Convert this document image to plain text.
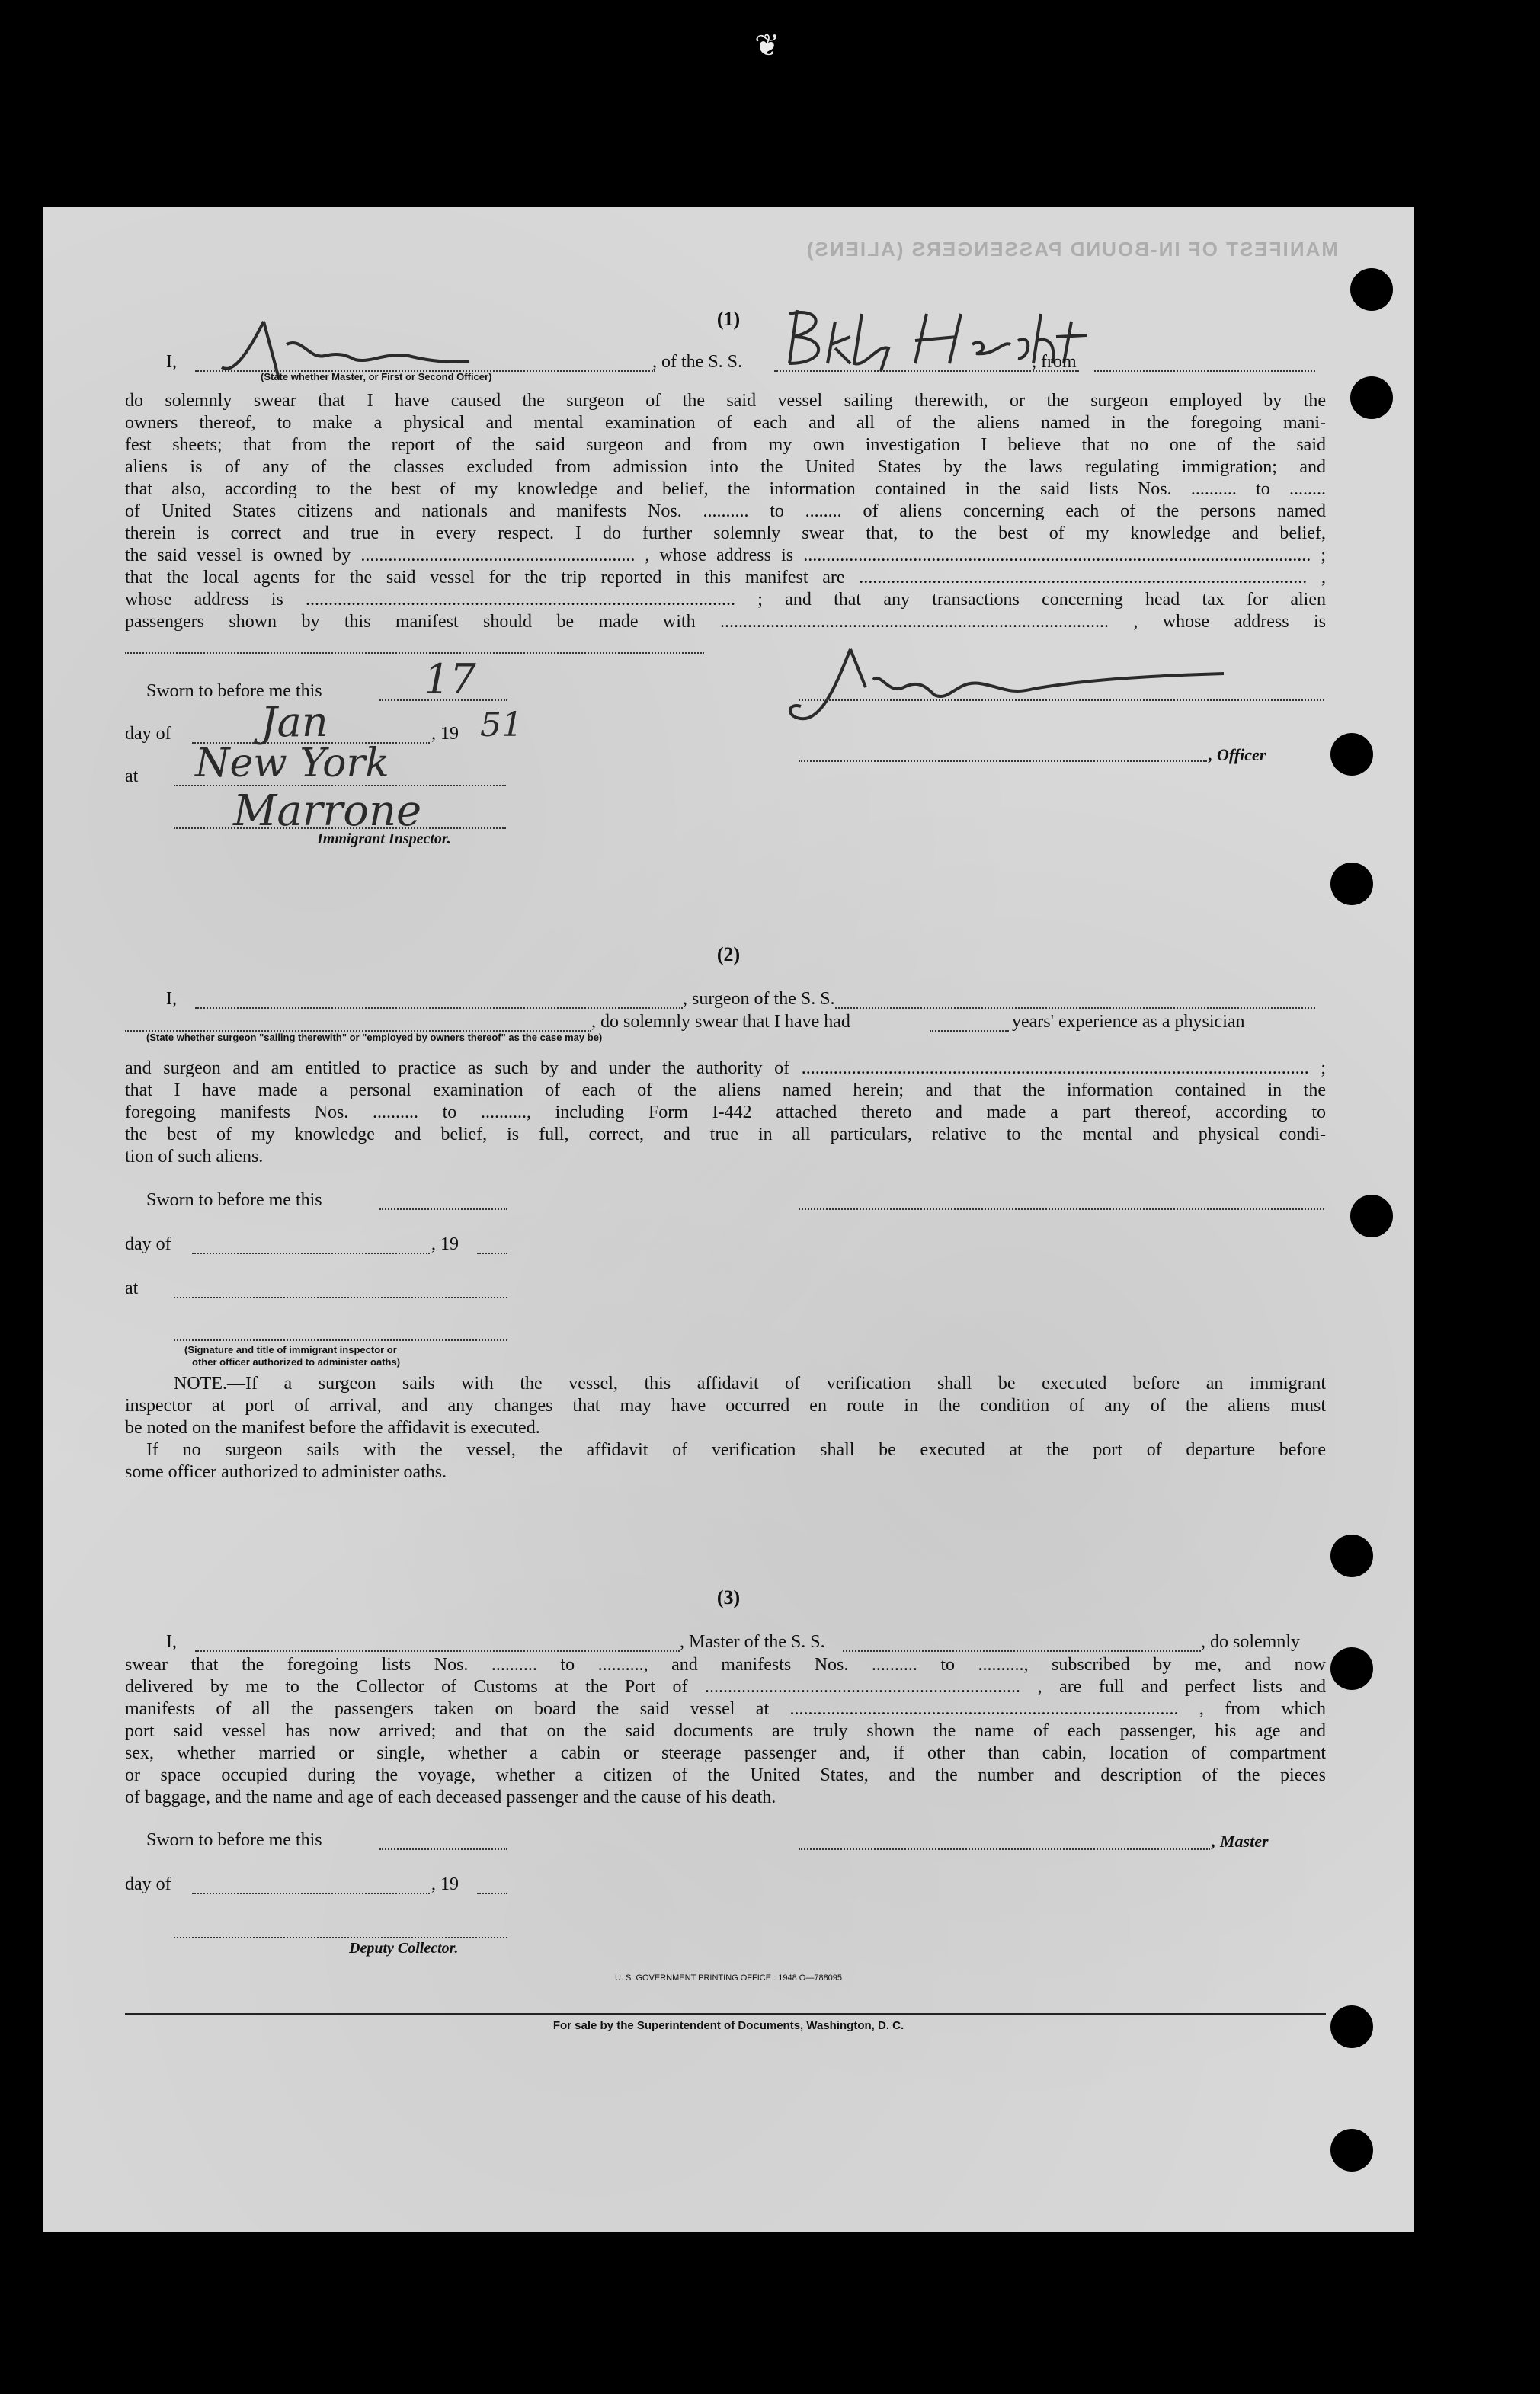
❦
MANIFEST OF IN-BOUND PASSENGERS (ALIENS)
(1)
I,
(State whether Master, or First or Second Officer)
, of the S. S.	, from
do solemnly swear that I have caused the surgeon of the said vessel sailing therewith, or the surgeon employed by the
owners thereof, to make a physical and mental examination of each and all of the aliens named in the foregoing mani-
fest sheets; that from the report of the said surgeon and from my own investigation I believe that no one of the said
aliens is of any of the classes excluded from admission into the United States by the laws regulating immigration; and
that also, according to the best of my knowledge and belief, the information contained in the said lists Nos. .......... to ........
of United States citizens and nationals and manifests Nos. .......... to ........ of aliens concerning each of the persons named
therein is correct and true in every respect. I do further solemnly swear that, to the best of my knowledge and belief,
the said vessel is owned by ............................................................ , whose address is ............................................................................................................... ;
that the local agents for the said vessel for the trip reported in this manifest are .................................................................................................. ,
whose address is .............................................................................................. ; and that any transactions concerning head tax for alien
passengers shown by this manifest should be made with ..................................................................................... , whose address is
Sworn to before me this 17
day of Jan	, 19 51
at New York
Marrone
Immigrant Inspector.
, Officer
(2)
I,	, surgeon of the S. S.
, do solemnly swear that I have had	years' experience as a physician
(State whether surgeon "sailing therewith" or "employed by owners thereof" as the case may be)
and surgeon and am entitled to practice as such by and under the authority of ............................................................................................................... ;
that I have made a personal examination of each of the aliens named herein; and that the information contained in the
foregoing manifests Nos. .......... to .........., including Form I-442 attached thereto and made a part thereof, according to
the best of my knowledge and belief, is full, correct, and true in all particulars, relative to the mental and physical condi-
tion of such aliens.
Sworn to before me this
day of	, 19
at
(Signature and title of immigrant inspector or
other officer authorized to administer oaths)
NOTE.—If a surgeon sails with the vessel, this affidavit of verification shall be executed before an immigrant
inspector at port of arrival, and any changes that may have occurred en route in the condition of any of the aliens must
be noted on the manifest before the affidavit is executed.
If no surgeon sails with the vessel, the affidavit of verification shall be executed at the port of departure before
some officer authorized to administer oaths.
(3)
I,	, Master of the S. S.	, do solemnly
swear that the foregoing lists Nos. .......... to .........., and manifests Nos. .......... to .........., subscribed by me, and now
delivered by me to the Collector of Customs at the Port of ..................................................................... , are full and perfect lists and
manifests of all the passengers taken on board the said vessel at ..................................................................................... , from which
port said vessel has now arrived; and that on the said documents are truly shown the name of each passenger, his age and
sex, whether married or single, whether a cabin or steerage passenger and, if other than cabin, location of compartment
or space occupied during the voyage, whether a citizen of the United States, and the number and description of the pieces
of baggage, and the name and age of each deceased passenger and the cause of his death.
Sworn to before me this	, Master
day of	, 19
Deputy Collector.
U. S. GOVERNMENT PRINTING OFFICE : 1948 O—788095
For sale by the Superintendent of Documents, Washington, D. C.
